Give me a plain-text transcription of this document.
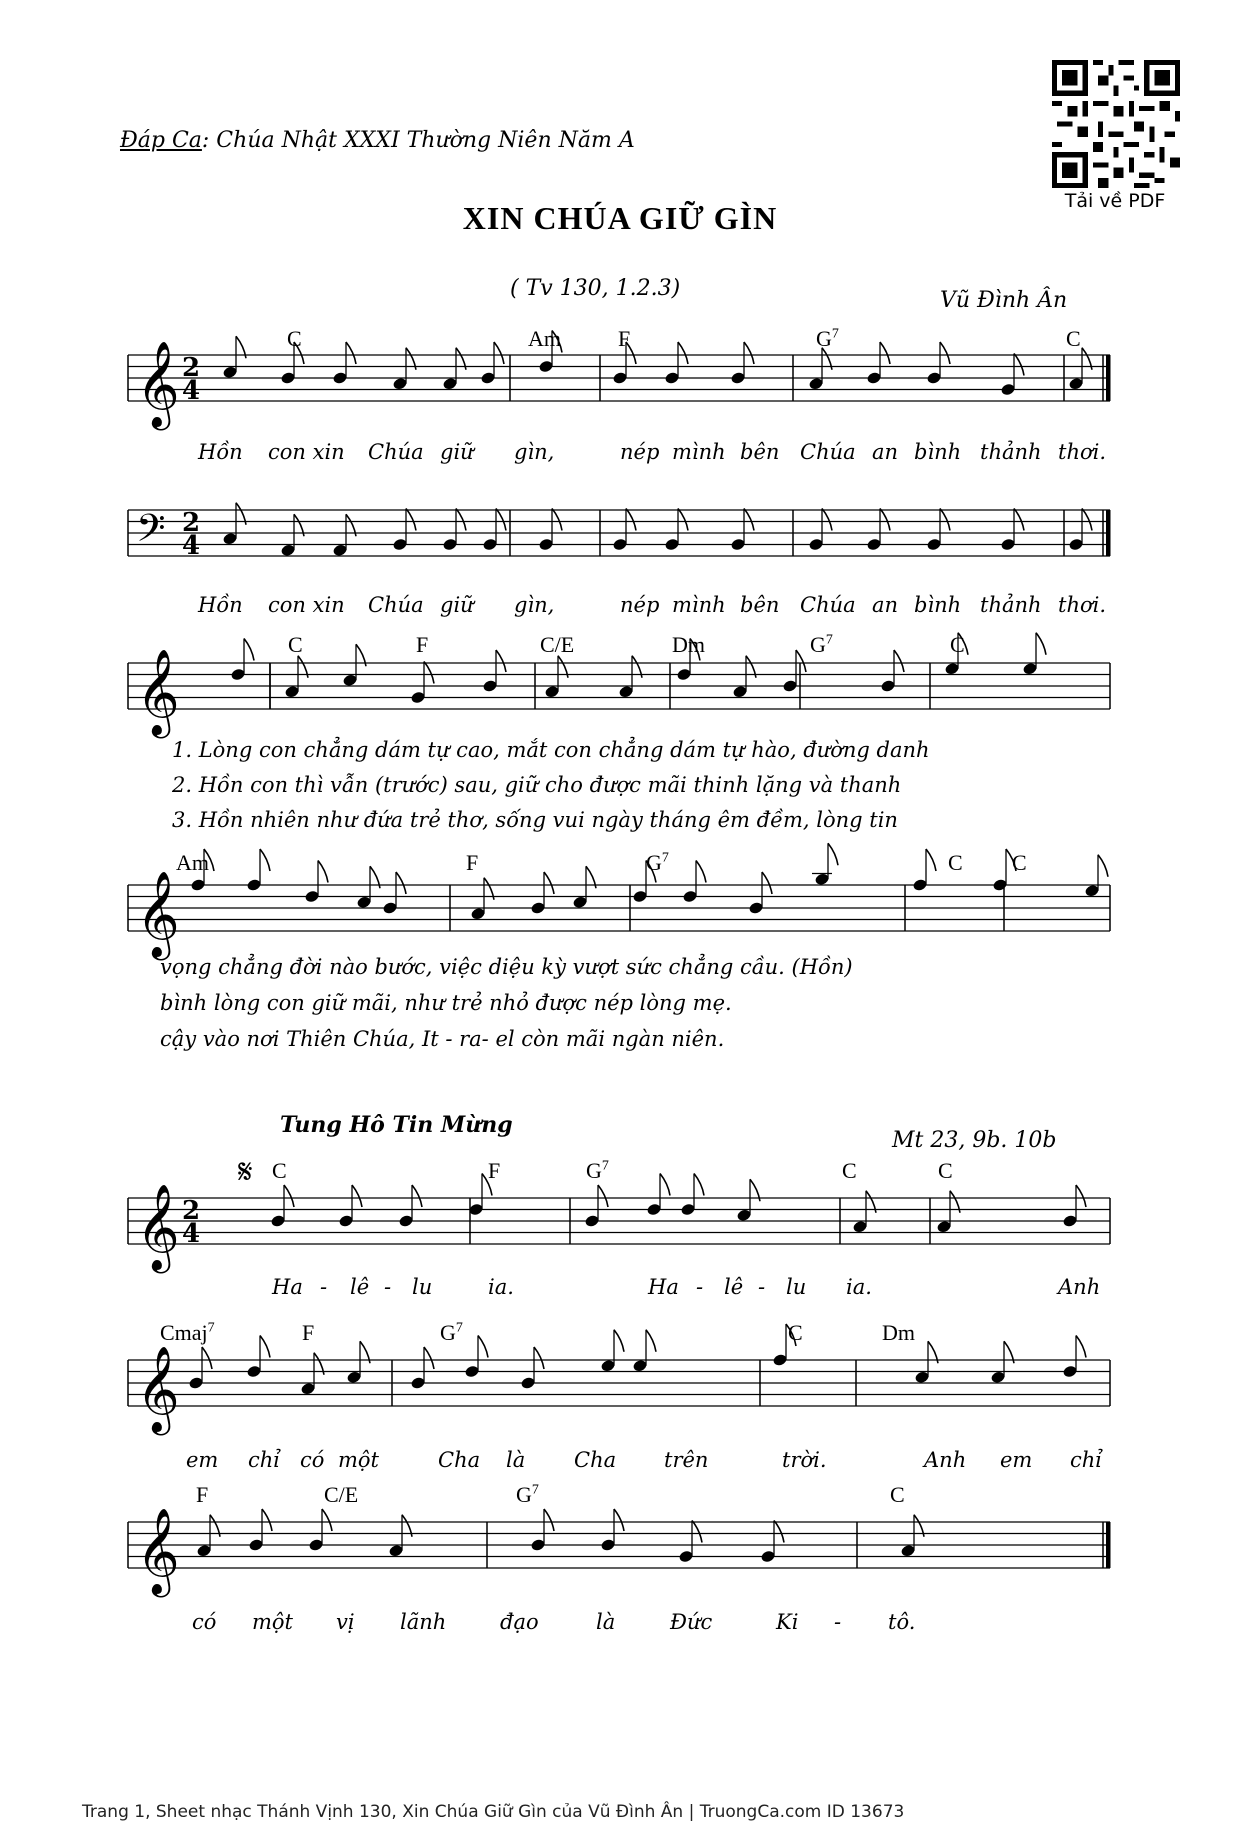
Đáp Ca: Chúa Nhật XXXI Thường Niên Năm A
XIN CHÚA GIỮ GÌN
( Tv 130, 1.2.3)	Vũ Đình Ân
Tải về PDF
𝄞 2
4
𝄢 2
4
𝄞
𝄞
𝄞 2
4
𝄞
𝄞
𝄋
C	Am	F	$G^7$	C
Hồn con xin Chúa giữ gìn,	nép mình bên Chúa an bình thảnh thơi.
Hồn con xin Chúa giữ gìn,	nép mình bên Chúa an bình thảnh thơi.
C	F	C/E	Dm	$G^7$	C
1. Lòng con chẳng dám tự cao, mắt con chẳng dám tự hào, đường danh
2. Hồn con thì vẫn (trước) sau, giữ cho được mãi thinh lặng và thanh
3. Hồn nhiên như đứa trẻ thơ, sống vui ngày tháng êm đềm, lòng tin
Am	F	$G^7$	C C
vọng chẳng đời nào bước, việc diệu kỳ vượt sức chẳng cầu. (Hồn)
bình lòng con giữ mãi, như trẻ nhỏ được nép lòng mẹ.
cậy vào nơi Thiên Chúa, It - ra- el còn mãi ngàn niên.
Tung Hô Tin Mừng
Mt 23, 9b. 10b
C	F	$G^7$	C	C
Ha - lê - lu	ia.	Ha - lê - lu ia.	Anh
Cmaj$^7$	F	$G^7$	C	Dm
em chỉ có một	Cha là Cha trên	trời.	Anh em chỉ
F	C/E	$G^7$	C
có một vị lãnh	đạo	là	Đức	Ki - tô.
Trang 1, Sheet nhạc Thánh Vịnh 130, Xin Chúa Giữ Gìn của Vũ Đình Ân | TruongCa.com ID 13673
